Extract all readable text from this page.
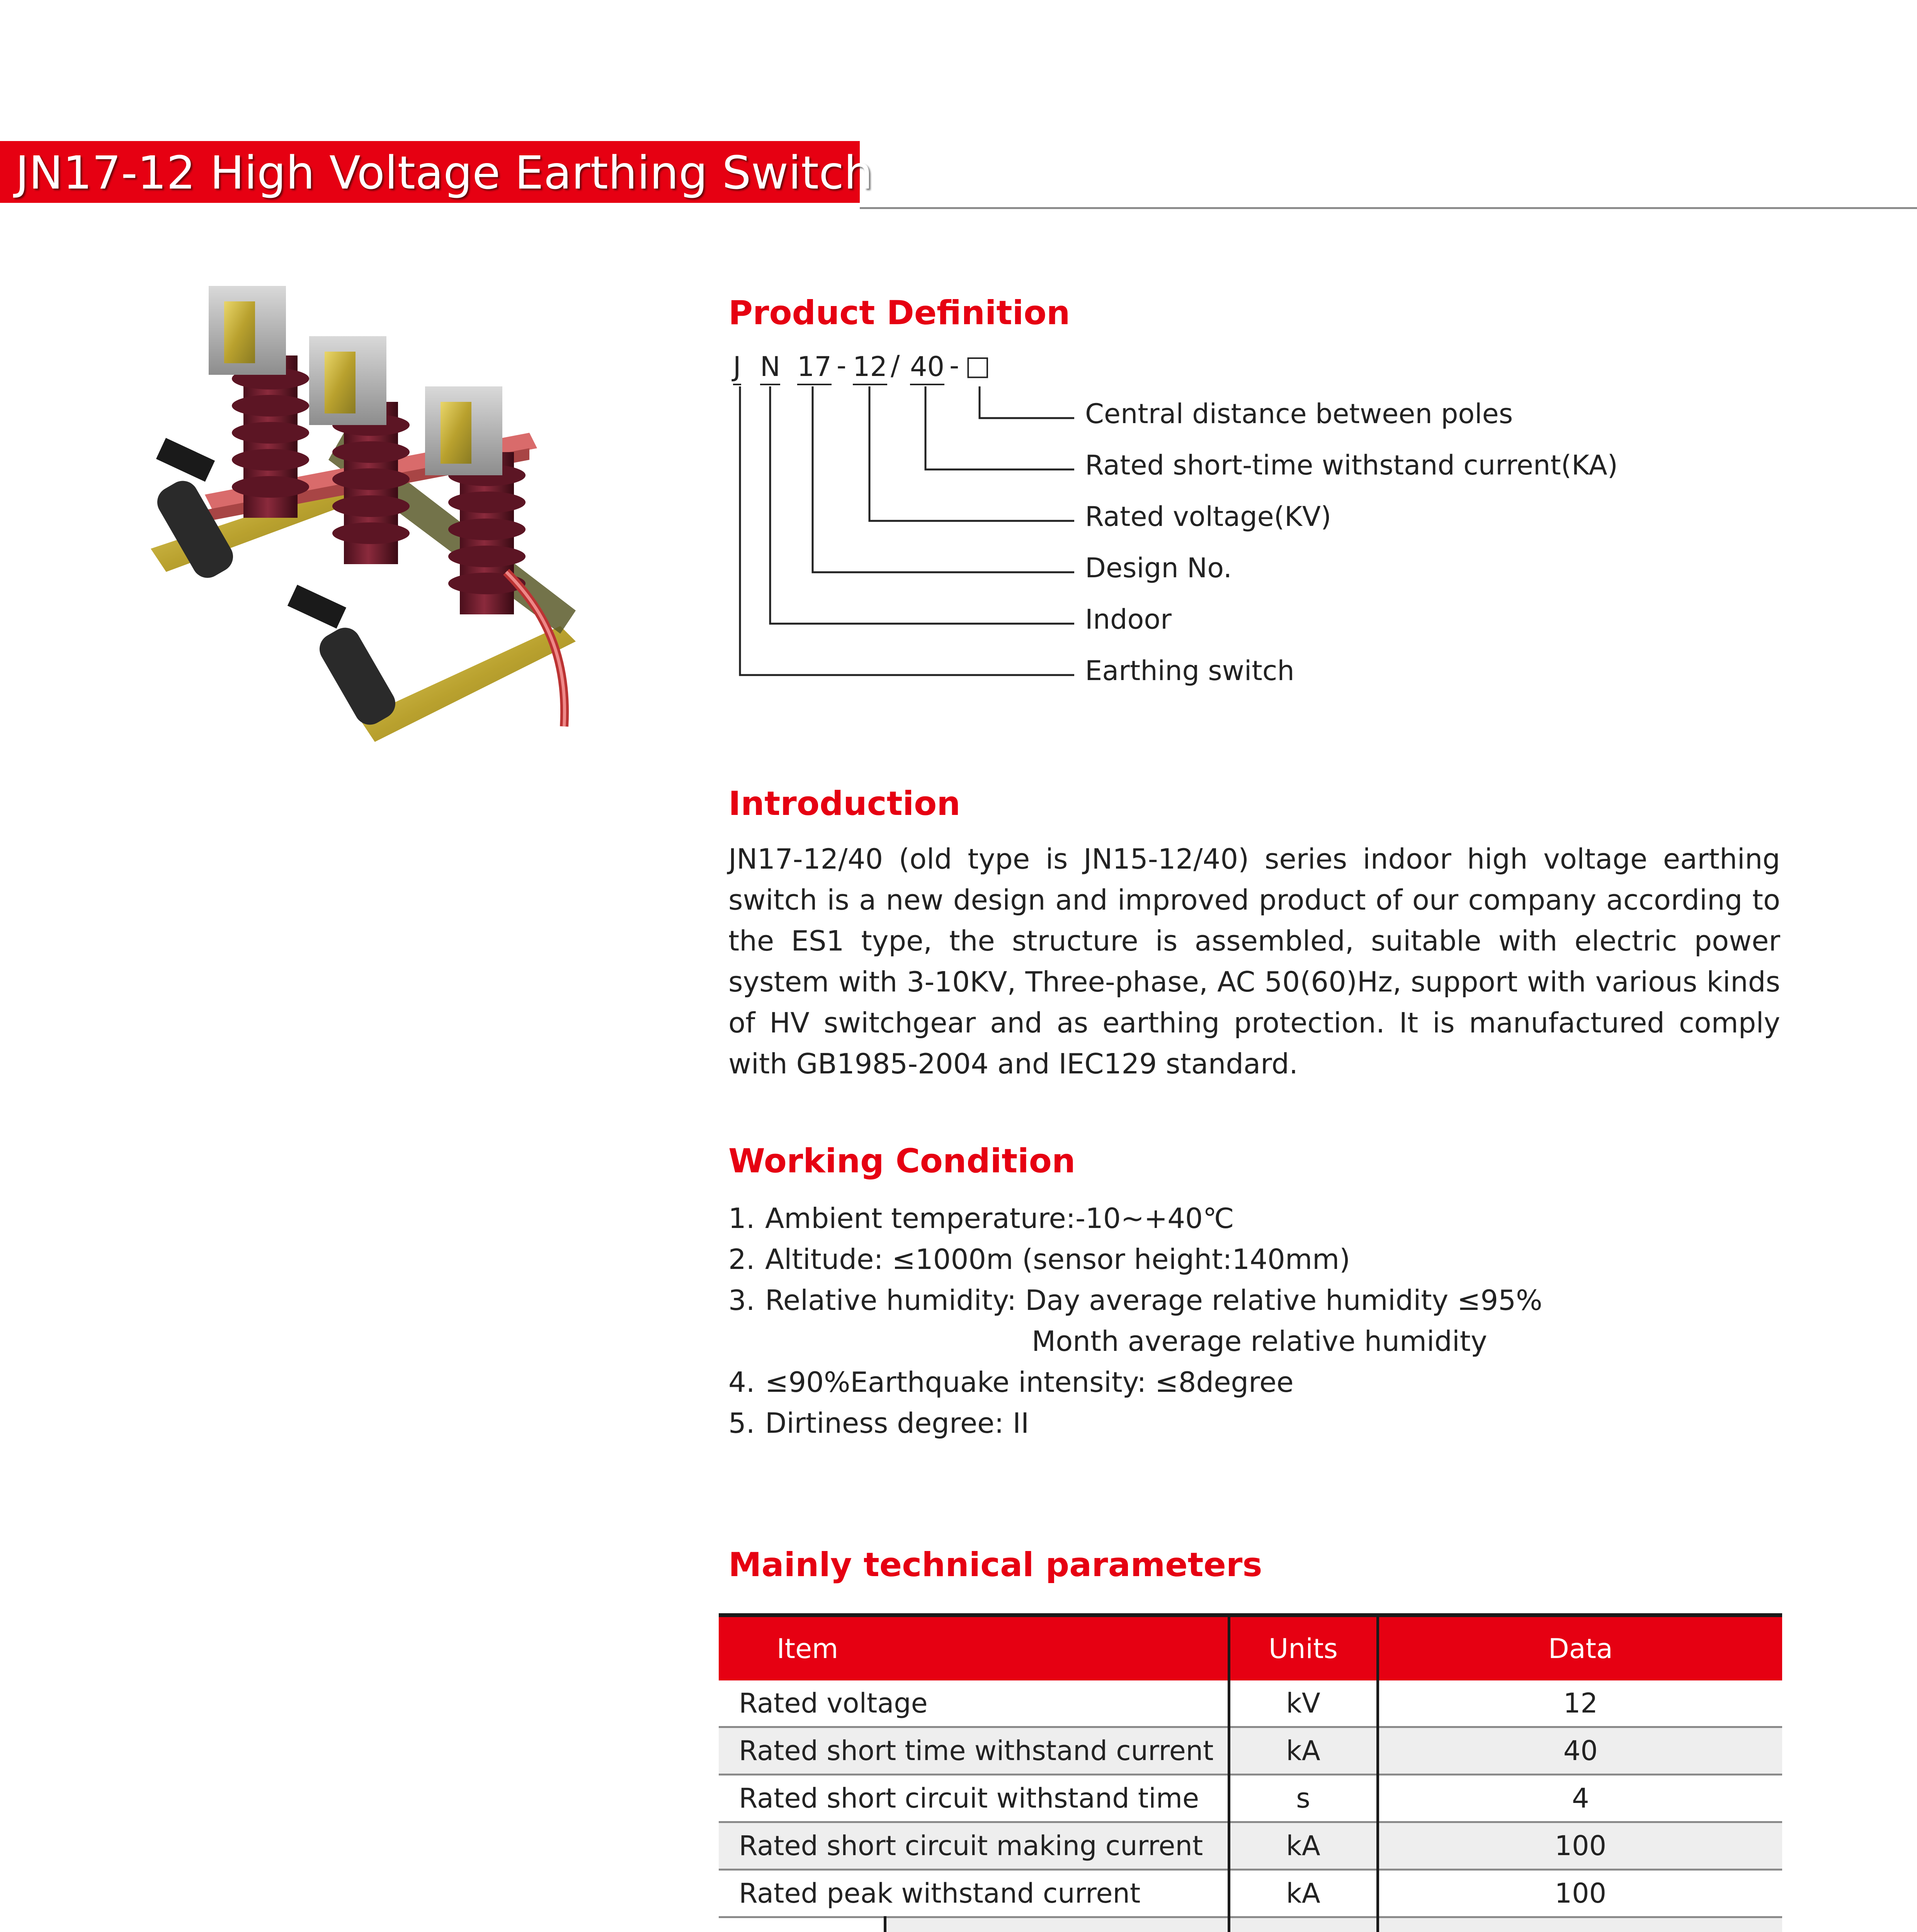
JN17-12 High Voltage Earthing Switch
Product Definition
J N 17 - 12 / 40 - □
Central distance between poles
Rated short-time withstand current(KA)
Rated voltage(KV)
Design No.
Indoor
Earthing switch
Introduction
JN17-12/40 (old type is JN15-12/40) series indoor high voltage earthing switch is a new design and improved product of our company according to the ES1 type, the structure is assembled, suitable with electric power system with 3-10KV, Three-phase, AC 50(60)Hz, support with various kinds of HV switchgear and as earthing protection. It is manufactured comply with GB1985-2004 and IEC129 standard.
Working Condition
1. Ambient temperature:-10~+40℃
2. Altitude: ≤1000m (sensor height:140mm)
3. Relative humidity: Day average relative humidity ≤95%
Month average relative humidity
4. ≤90%Earthquake intensity: ≤8degree
5. Dirtiness degree: II
Mainly technical parameters
Item		Units	Data
Rated voltage		kV	12
Rated short time withstand current		kA	40
Rated short circuit withstand time		s	4
Rated short circuit making current		kA	100
Rated peak withstand current		kA	100
